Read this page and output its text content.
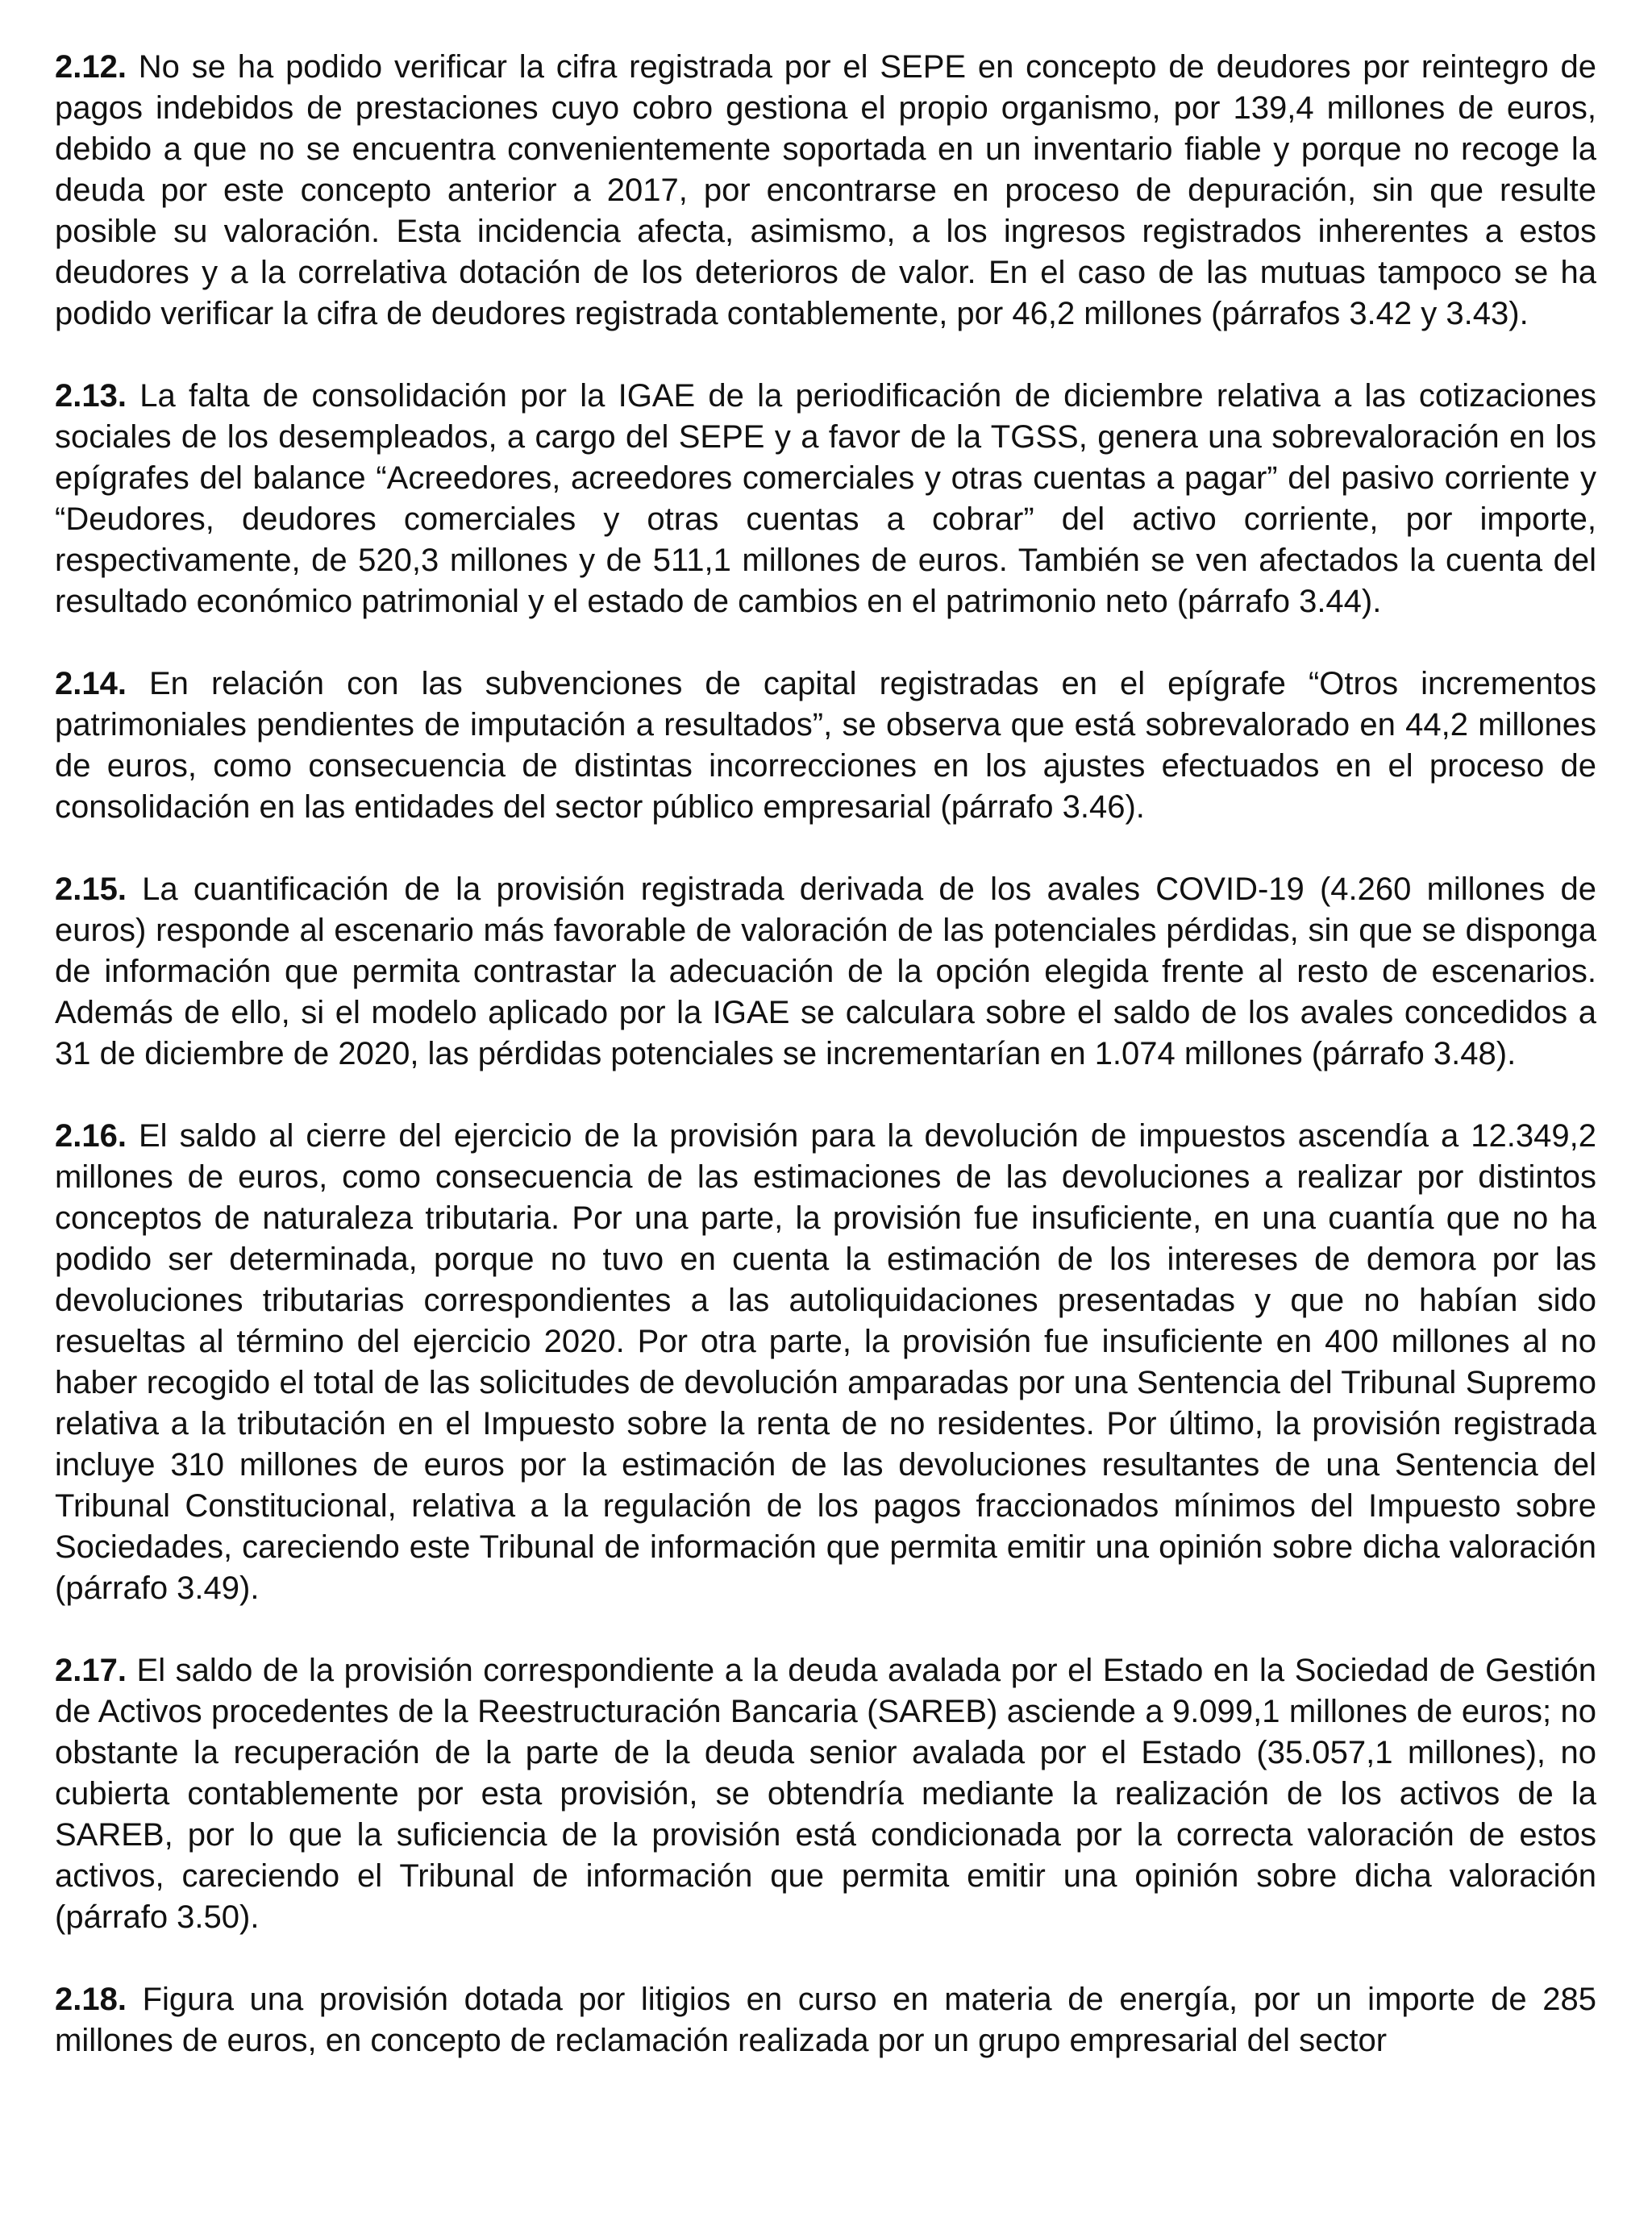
2.12. No se ha podido verificar la cifra registrada por el SEPE en concepto de deudores por reintegro de pagos indebidos de prestaciones cuyo cobro gestiona el propio organismo, por 139,4 millones de euros, debido a que no se encuentra convenientemente soportada en un inventario fiable y porque no recoge la deuda por este concepto anterior a 2017, por encontrarse en proceso de depuración, sin que resulte posible su valoración. Esta incidencia afecta, asimismo, a los ingresos registrados inherentes a estos deudores y a la correlativa dotación de los deterioros de valor. En el caso de las mutuas tampoco se ha podido verificar la cifra de deudores registrada contablemente, por 46,2 millones (párrafos 3.42 y 3.43).

2.13. La falta de consolidación por la IGAE de la periodificación de diciembre relativa a las cotizaciones sociales de los desempleados, a cargo del SEPE y a favor de la TGSS, genera una sobrevaloración en los epígrafes del balance “Acreedores, acreedores comerciales y otras cuentas a pagar” del pasivo corriente y “Deudores, deudores comerciales y otras cuentas a cobrar” del activo corriente, por importe, respectivamente, de 520,3 millones y de 511,1 millones de euros. También se ven afectados la cuenta del resultado económico patrimonial y el estado de cambios en el patrimonio neto (párrafo 3.44).

2.14. En relación con las subvenciones de capital registradas en el epígrafe “Otros incrementos patrimoniales pendientes de imputación a resultados”, se observa que está sobrevalorado en 44,2 millones de euros, como consecuencia de distintas incorrecciones en los ajustes efectuados en el proceso de consolidación en las entidades del sector público empresarial (párrafo 3.46).

2.15. La cuantificación de la provisión registrada derivada de los avales COVID-19 (4.260 millones de euros) responde al escenario más favorable de valoración de las potenciales pérdidas, sin que se disponga de información que permita contrastar la adecuación de la opción elegida frente al resto de escenarios. Además de ello, si el modelo aplicado por la IGAE se calculara sobre el saldo de los avales concedidos a 31 de diciembre de 2020, las pérdidas potenciales se incrementarían en 1.074 millones (párrafo 3.48).

2.16. El saldo al cierre del ejercicio de la provisión para la devolución de impuestos ascendía a 12.349,2 millones de euros, como consecuencia de las estimaciones de las devoluciones a realizar por distintos conceptos de naturaleza tributaria. Por una parte, la provisión fue insuficiente, en una cuantía que no ha podido ser determinada, porque no tuvo en cuenta la estimación de los intereses de demora por las devoluciones tributarias correspondientes a las autoliquidaciones presentadas y que no habían sido resueltas al término del ejercicio 2020. Por otra parte, la provisión fue insuficiente en 400 millones al no haber recogido el total de las solicitudes de devolución amparadas por una Sentencia del Tribunal Supremo relativa a la tributación en el Impuesto sobre la renta de no residentes. Por último, la provisión registrada incluye 310 millones de euros por la estimación de las devoluciones resultantes de una Sentencia del Tribunal Constitucional, relativa a la regulación de los pagos fraccionados mínimos del Impuesto sobre Sociedades, careciendo este Tribunal de información que permita emitir una opinión sobre dicha valoración (párrafo 3.49).

2.17. El saldo de la provisión correspondiente a la deuda avalada por el Estado en la Sociedad de Gestión de Activos procedentes de la Reestructuración Bancaria (SAREB) asciende a 9.099,1 millones de euros; no obstante la recuperación de la parte de la deuda senior avalada por el Estado (35.057,1 millones), no cubierta contablemente por esta provisión, se obtendría mediante la realización de los activos de la SAREB, por lo que la suficiencia de la provisión está condicionada por la correcta valoración de estos activos, careciendo el Tribunal de información que permita emitir una opinión sobre dicha valoración (párrafo 3.50).

2.18. Figura una provisión dotada por litigios en curso en materia de energía, por un importe de 285 millones de euros, en concepto de reclamación realizada por un grupo empresarial del sector
